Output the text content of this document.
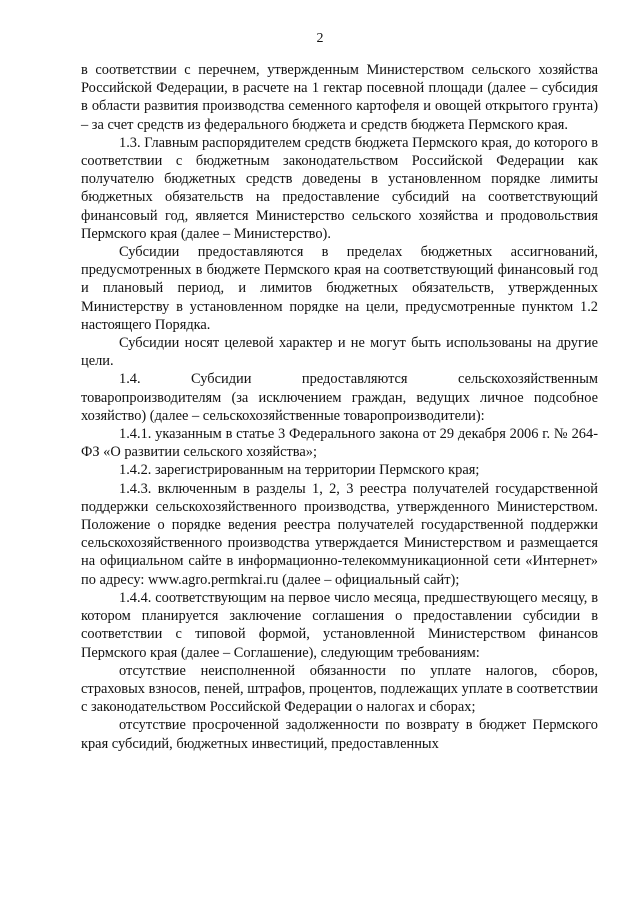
2

в соответствии с перечнем, утвержденным Министерством сельского хозяйства Российской Федерации, в расчете на 1 гектар посевной площади (далее – субсидия в области развития производства семенного картофеля и овощей открытого грунта) – за счет средств из федерального бюджета и средств бюджета Пермского края.

1.3. Главным распорядителем средств бюджета Пермского края, до которого в соответствии с бюджетным законодательством Российской Федерации как получателю бюджетных средств доведены в установленном порядке лимиты бюджетных обязательств на предоставление субсидий на соответствующий финансовый год, является Министерство сельского хозяйства и продовольствия Пермского края (далее – Министерство).

Субсидии предоставляются в пределах бюджетных ассигнований, предусмотренных в бюджете Пермского края на соответствующий финансовый год и плановый период, и лимитов бюджетных обязательств, утвержденных Министерству в установленном порядке на цели, предусмотренные пунктом 1.2 настоящего Порядка.

Субсидии носят целевой характер и не могут быть использованы на другие цели.

1.4. Субсидии предоставляются сельскохозяйственным товаропроизводителям (за исключением граждан, ведущих личное подсобное хозяйство) (далее – сельскохозяйственные товаропроизводители):

1.4.1. указанным в статье 3 Федерального закона от 29 декабря 2006 г. № 264-ФЗ «О развитии сельского хозяйства»;

1.4.2. зарегистрированным на территории Пермского края;

1.4.3. включенным в разделы 1, 2, 3 реестра получателей государственной поддержки сельскохозяйственного производства, утвержденного Министерством. Положение о порядке ведения реестра получателей государственной поддержки сельскохозяйственного производства утверждается Министерством и размещается на официальном сайте в информационно-телекоммуникационной сети «Интернет» по адресу: www.agro.permkrai.ru (далее – официальный сайт);

1.4.4. соответствующим на первое число месяца, предшествующего месяцу, в котором планируется заключение соглашения о предоставлении субсидии в соответствии с типовой формой, установленной Министерством финансов Пермского края (далее – Соглашение), следующим требованиям:

отсутствие неисполненной обязанности по уплате налогов, сборов, страховых взносов, пеней, штрафов, процентов, подлежащих уплате в соответствии с законодательством Российской Федерации о налогах и сборах;

отсутствие просроченной задолженности по возврату в бюджет Пермского края субсидий, бюджетных инвестиций, предоставленных
